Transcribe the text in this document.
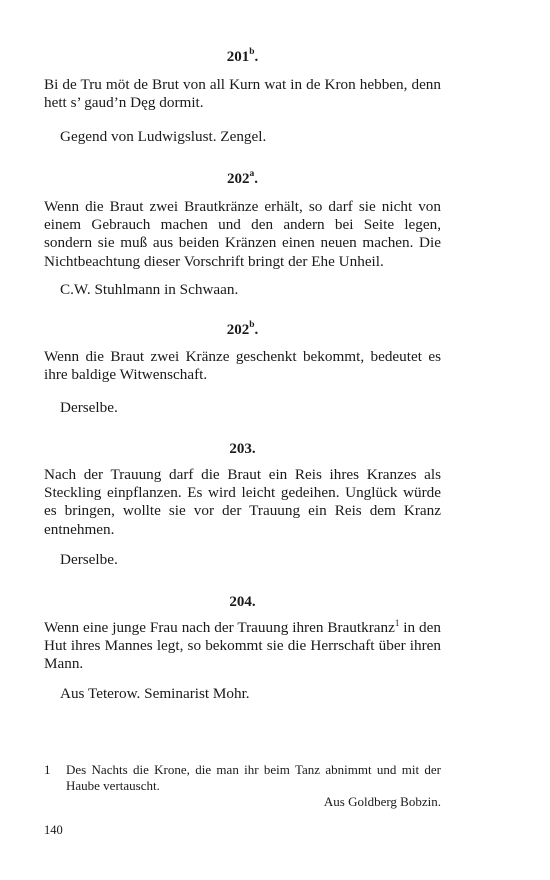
201$^b$.

Bi de Tru möt de Brut von all Kurn wat in de Kron hebben, denn hett s’ gaud’n Dęg dormit.

Gegend von Ludwigslust. Zengel.
202$^a$.

Wenn die Braut zwei Brautkränze erhält, so darf sie nicht von einem Gebrauch machen und den andern bei Seite legen, sondern sie muß aus beiden Kränzen einen neuen machen. Die Nichtbeachtung dieser Vorschrift bringt der Ehe Unheil.

C.W. Stuhlmann in Schwaan.
202$^b$.

Wenn die Braut zwei Kränze geschenkt bekommt, bedeutet es ihre baldige Witwenschaft.

Derselbe.
203.

Nach der Trauung darf die Braut ein Reis ihres Kranzes als Steckling einpflanzen. Es wird leicht gedeihen. Unglück würde es bringen, wollte sie vor der Trauung ein Reis dem Kranz entnehmen.

Derselbe.
204.

Wenn eine junge Frau nach der Trauung ihren Brautkranz$^1$ in den Hut ihres Mannes legt, so bekommt sie die Herrschaft über ihren Mann.

Aus Teterow. Seminarist Mohr.
1 Des Nachts die Krone, die man ihr beim Tanz abnimmt und mit der Haube vertauscht.

Aus Goldberg Bobzin.
140
